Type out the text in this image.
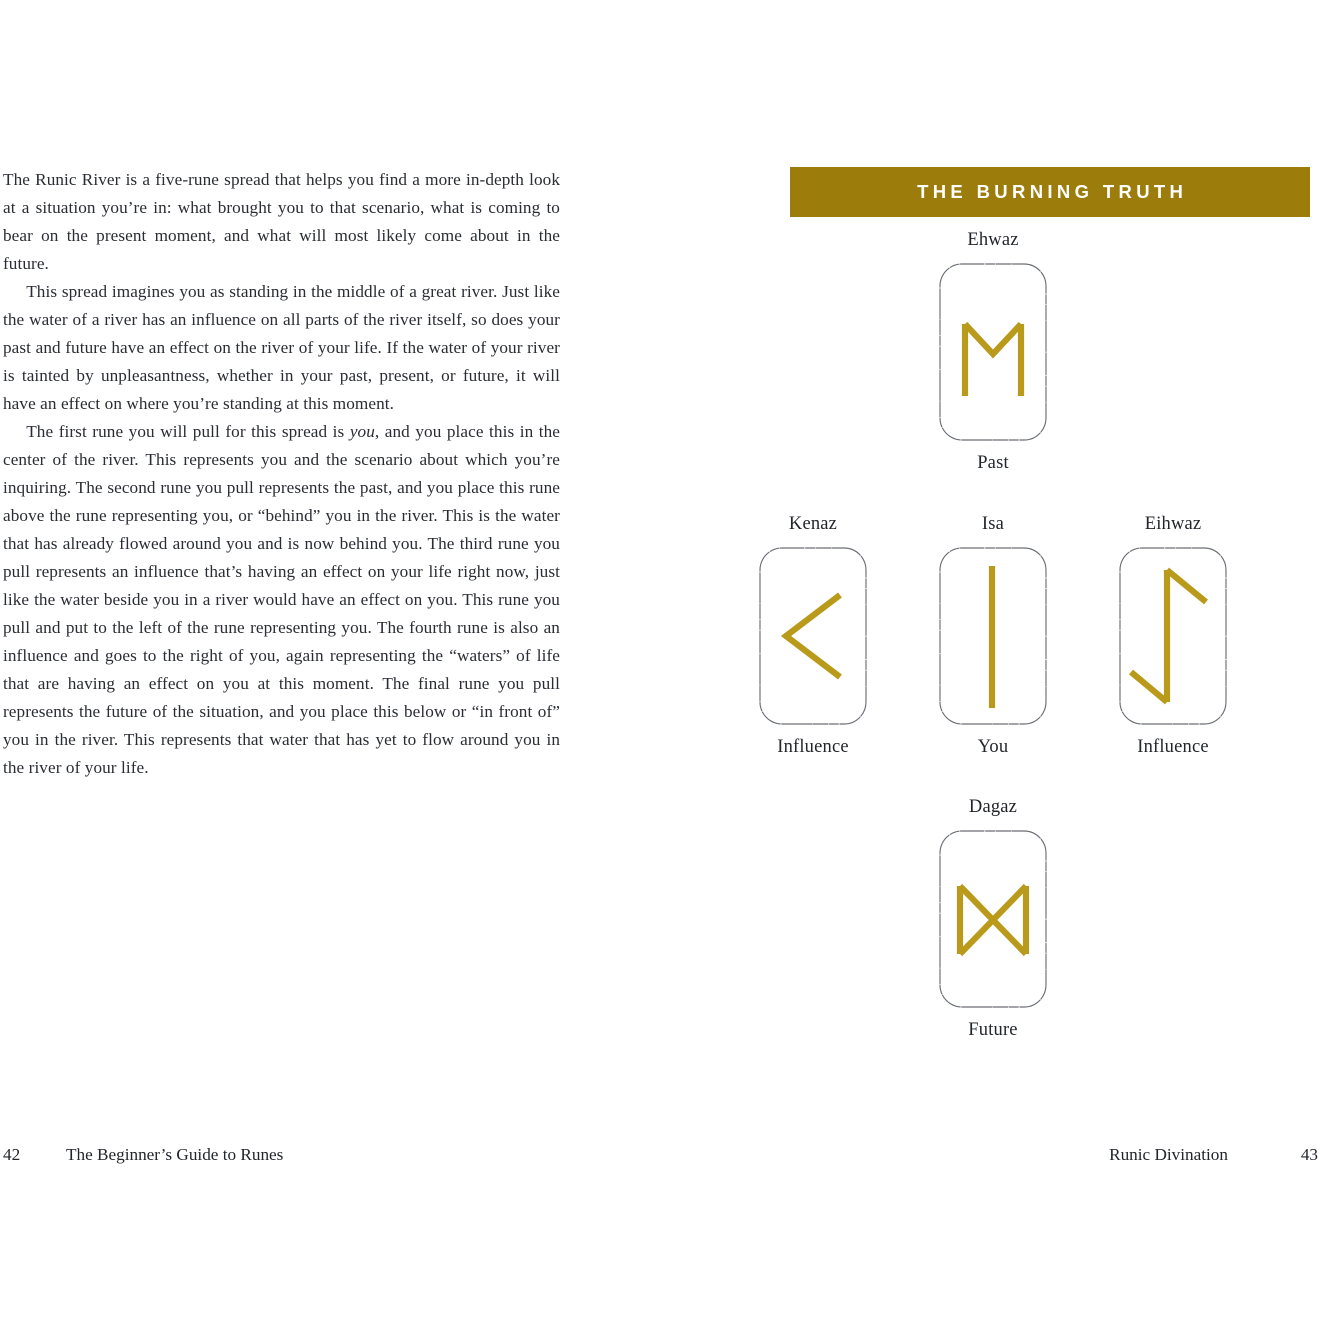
The Runic River is a five-rune spread that helps you find a more in-depth look at a situation you’re in: what brought you to that scenario, what is coming to bear on the present moment, and what will most likely come about in the future.

This spread imagines you as standing in the middle of a great river. Just like the water of a river has an influence on all parts of the river itself, so does your past and future have an effect on the river of your life. If the water of your river is tainted by unpleasantness, whether in your past, present, or future, it will have an effect on where you’re standing at this moment.

The first rune you will pull for this spread is you, and you place this in the center of the river. This represents you and the scenario about which you’re inquiring. The second rune you pull represents the past, and you place this rune above the rune representing you, or “behind” you in the river. This is the water that has already flowed around you and is now behind you. The third rune you pull represents an influence that’s having an effect on your life right now, just like the water beside you in a river would have an effect on you. This rune you pull and put to the left of the rune representing you. The fourth rune is also an influence and goes to the right of you, again representing the “waters” of life that are having an effect on you at this moment. The final rune you pull represents the future of the situation, and you place this below or “in front of” you in the river. This represents that water that has yet to flow around you in the river of your life.

42	The Beginner’s Guide to Runes
THE BURNING TRUTH
Ehwaz
Past
Kenaz
Influence
Isa
You
Eihwaz
Influence
Dagaz
Future
Runic Divination	43
